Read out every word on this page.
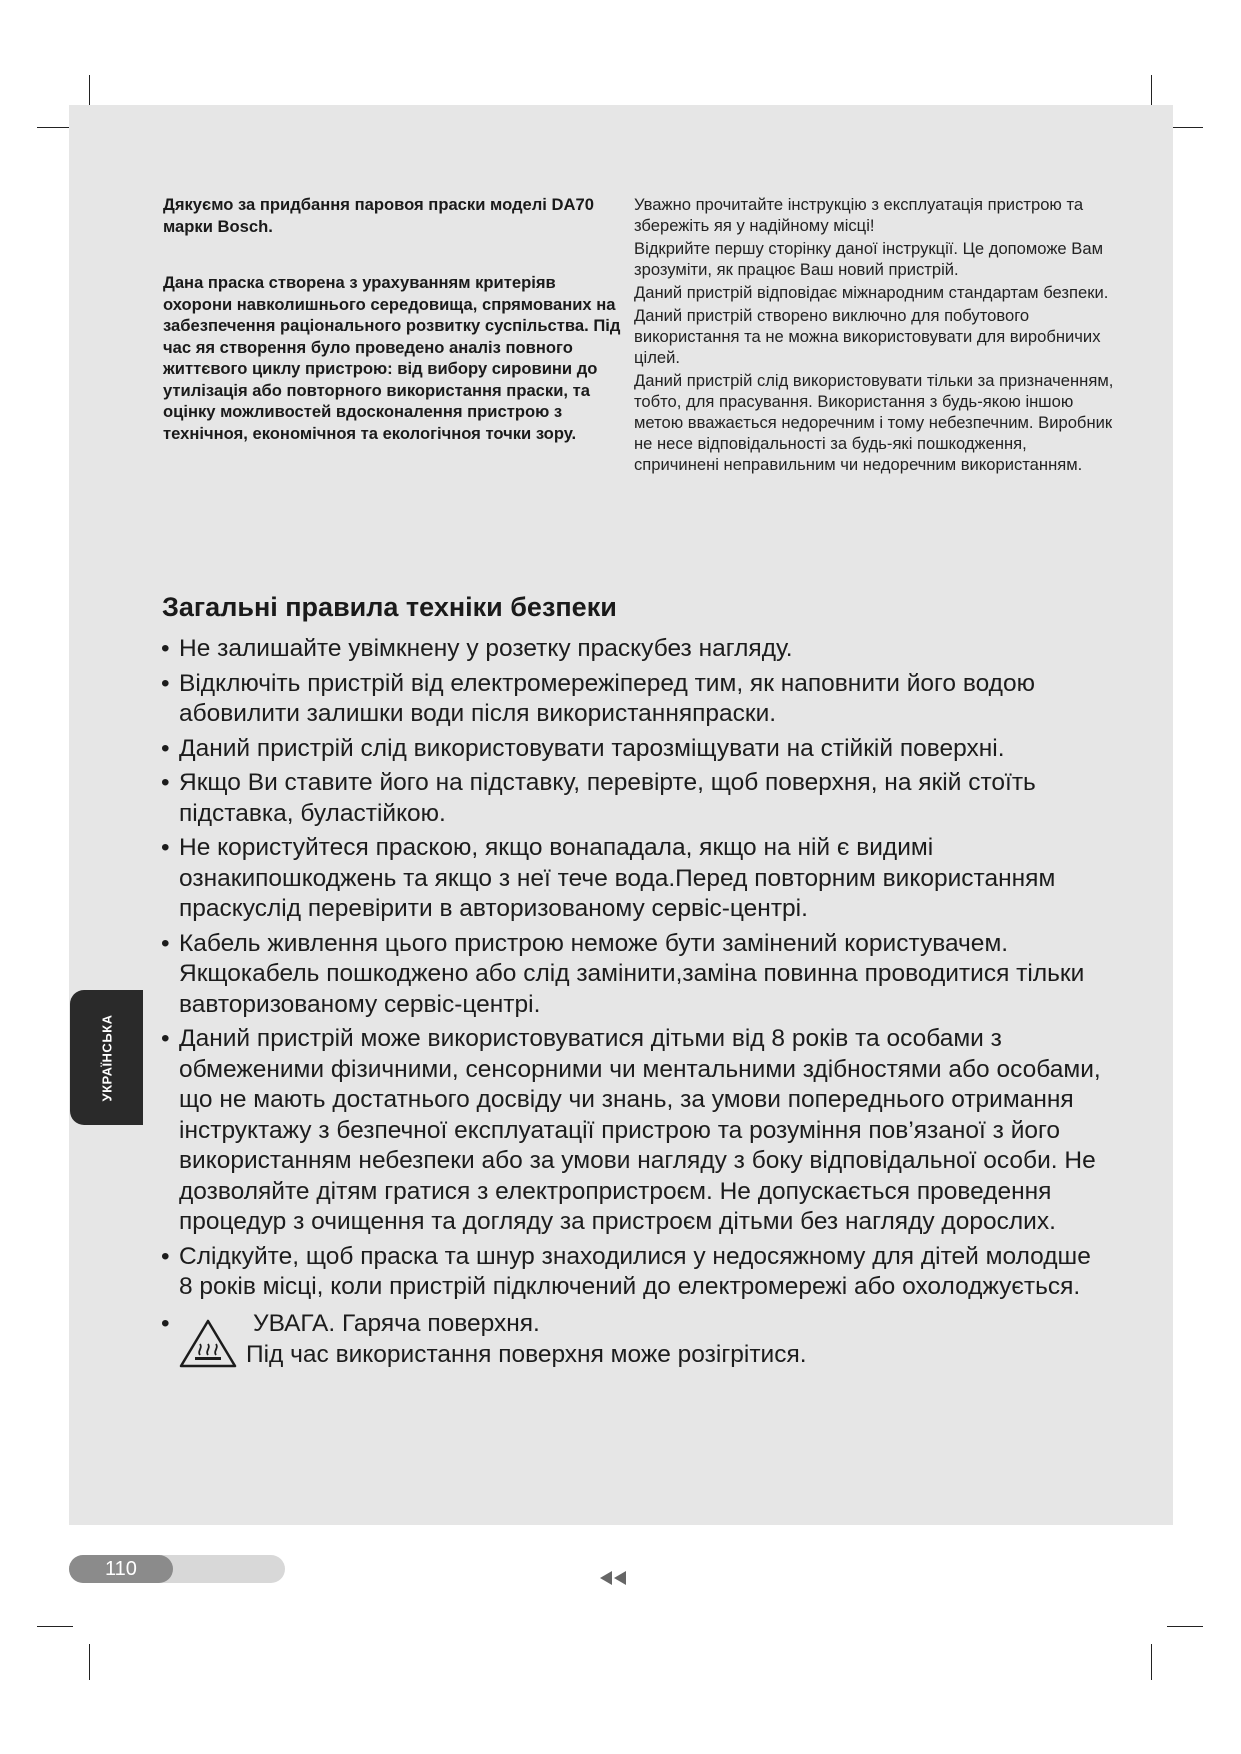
Дякуємо за придбання паровоя праски моделі DA70 марки Bosch.
Дана праска створена з урахуванням критеріяв охорони навколишнього середовища, спрямованих на забезпечення раціонального розвитку суспільства. Під час яя створення було проведено аналіз повного життєвого циклу пристрою: від вибору сировини до утилізація або повторного використання праски, та оцінку можливостей вдосконалення пристрою з технічноя, економічноя та екологічноя точки зору.

Уважно прочитайте інструкцію з експлуатація пристрою та збережіть яя у надійному місці!

Відкрийте першу сторінку даної інструкції. Це допоможе Вам зрозуміти, як працює Ваш новий пристрій.

Даний пристрій відповідає міжнародним стандартам безпеки.

Даний пристрій створено виключно для побутового використання та не можна використовувати для виробничих цілей.

Даний пристрій слід використовувати тільки за призначенням, тобто, для прасування. Використання з будь-якою іншою метою вважається недоречним і тому небезпечним. Виробник не несе відповідальності за будь-які пошкодження, спричинені неправильним чи недоречним використанням.

Загальні правила техніки безпеки
• Не залишайте увімкнену у розетку праскубез нагляду.
• Відключіть пристрій від електромережіперед тим, як наповнити його водою абовилити залишки води після використанняпраски.
• Даний пристрій слід використовувати тарозміщувати на стійкій поверхні.
• Якщо Ви ставите його на підставку, перевірте, щоб поверхня, на якій стоїть підставка, буластійкою.
• Не користуйтеся праскою, якщо вонападала, якщо на ній є видимі ознакипошкоджень та якщо з неї тече вода.Перед повторним використанням праскуслід перевірити в авторизованому сервіс-центрі.
• Кабель живлення цього пристрою неможе бути замінений користувачем. Якщокабель пошкоджено або слід замінити,заміна повинна проводитися тільки вавторизованому сервіс-центрі.
• Даний пристрій може використовуватися дітьми від 8 років та особами з обмеженими фізичними, сенсорними чи ментальними здібностями або особами, що не мають достатнього досвіду чи знань, за умови попереднього отримання інструктажу з безпечної експлуатації пристрою та розуміння пов’язаної з його використанням небезпеки або за умови нагляду з боку відповідальної особи. Не дозволяйте дітям гратися з електропристроєм. Не допускається проведення процедур з очищення та догляду за пристроєм дітьми без нагляду дорослих.
• Слідкуйте, щоб праска та шнур знаходилися у недосяжному для дітей молодше 8 років місці, коли пристрій підключений до електромережі або охолоджується.
•	УВАГА. Гаряча поверхня.
Під час використання поверхня може розігрітися.
УКРАЇНСЬКА
110
